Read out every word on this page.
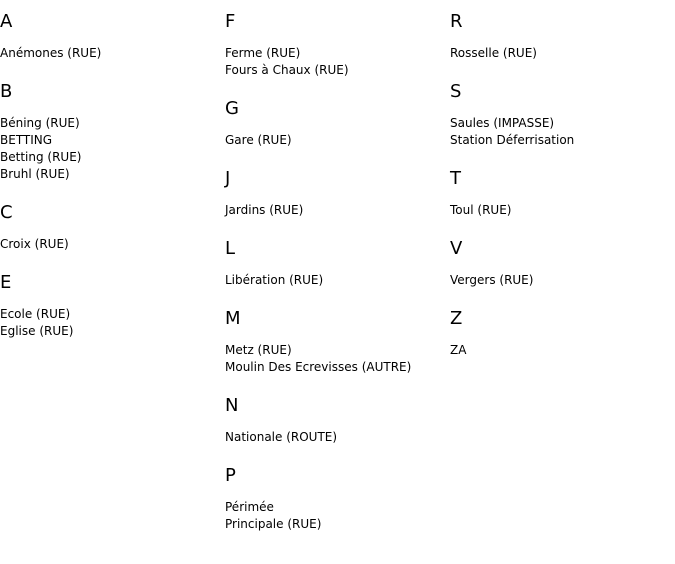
A
Anémones (RUE)
B
Béning (RUE)
BETTING
Betting (RUE)
Bruhl (RUE)
C
Croix (RUE)
E
Ecole (RUE)
Eglise (RUE)
F
Ferme (RUE)
Fours à Chaux (RUE)
G
Gare (RUE)
J
Jardins (RUE)
L
Libération (RUE)
M
Metz (RUE)
Moulin Des Ecrevisses (AUTRE)
N
Nationale (ROUTE)
P
Périmée
Principale (RUE)
R
Rosselle (RUE)
S
Saules (IMPASSE)
Station Déferrisation
T
Toul (RUE)
V
Vergers (RUE)
Z
ZA
